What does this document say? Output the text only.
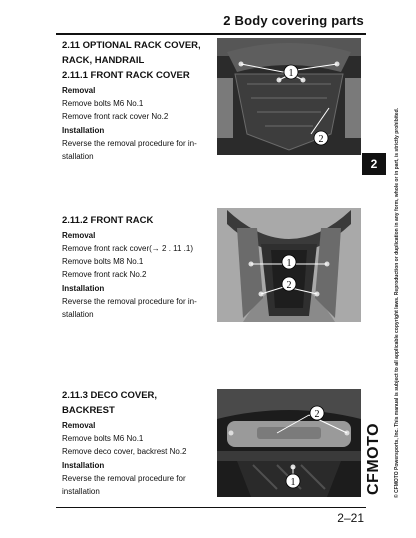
2 Body covering parts
© CFMOTO Powersports, Inc. This manual is subject to all applicable copyright laws. Reproduction or duplication in any form, whole or in part, is strictly prohibited.
2
CFMOTO
2.11 OPTIONAL RACK COVER,
RACK, HANDRAIL
2.11.1 FRONT RACK COVER
Removal
Remove bolts M6 No.1
Remove front rack cover No.2
Installation
Reverse the removal procedure for in-
stallation
1
2
2.11.2 FRONT RACK
Removal
Remove front rack cover(→ 2 . 11 .1)
Remove bolts M8 No.1
Remove front rack No.2
Installation
Reverse the removal procedure for in-
stallation
1
2
2.11.3 DECO COVER, BACKREST
Removal
Remove bolts M6 No.1
Remove deco cover, backrest No.2
Installation
Reverse the removal procedure for
installation
2
1
2–21
